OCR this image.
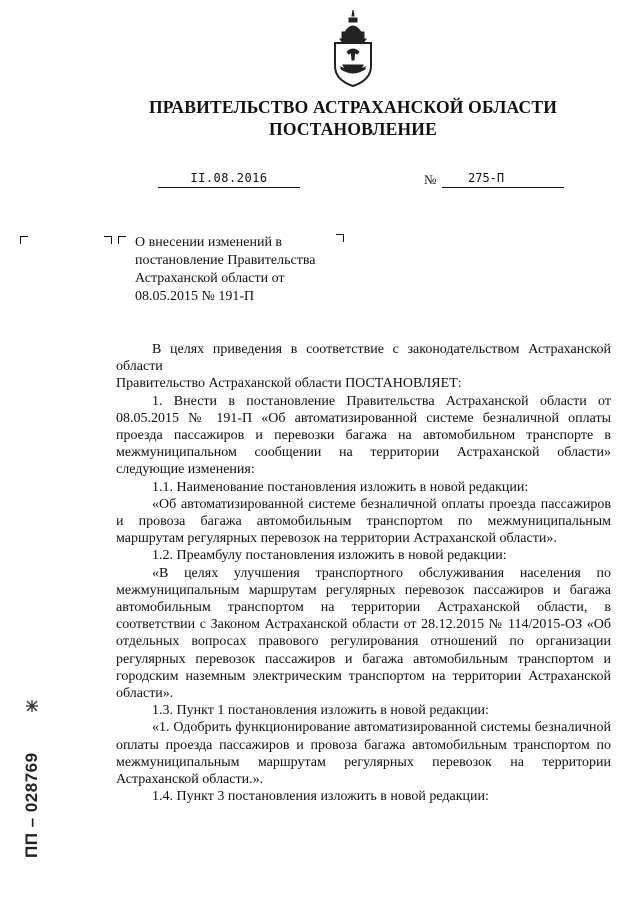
ПРАВИТЕЛЬСТВО АСТРАХАНСКОЙ ОБЛАСТИ
ПОСТАНОВЛЕНИЕ
II.08.2016	№	275-П
О внесении изменений в постановление Правительства Астраханской области от 08.05.2015 № 191-П

В целях приведения в соответствие с законодательством Астраханской области

Правительство Астраханской области ПОСТАНОВЛЯЕТ:

1. Внести в постановление Правительства Астраханской области от 08.05.2015 № 191-П «Об автоматизированной системе безналичной оплаты проезда пассажиров и перевозки багажа на автомобильном транспорте в межмуниципальном сообщении на территории Астраханской области» следующие изменения:

1.1. Наименование постановления изложить в новой редакции:

«Об автоматизированной системе безналичной оплаты проезда пассажиров и провоза багажа автомобильным транспортом по межмуниципальным маршрутам регулярных перевозок на территории Астраханской области».

1.2. Преамбулу постановления изложить в новой редакции:

«В целях улучшения транспортного обслуживания населения по межмуниципальным маршрутам регулярных перевозок пассажиров и багажа автомобильным транспортом на территории Астраханской области, в соответствии с Законом Астраханской области от 28.12.2015 № 114/2015-ОЗ «Об отдельных вопросах правового регулирования отношений по организации регулярных перевозок пассажиров и багажа автомобильным транспортом и городским наземным электрическим транспортом на территории Астраханской области».

1.3. Пункт 1 постановления изложить в новой редакции:

«1. Одобрить функционирование автоматизированной системы безналичной оплаты проезда пассажиров и провоза багажа автомобильным транспортом по межмуниципальным маршрутам регулярных перевозок на территории Астраханской области.».

1.4. Пункт 3 постановления изложить в новой редакции:

ПП – 028769
